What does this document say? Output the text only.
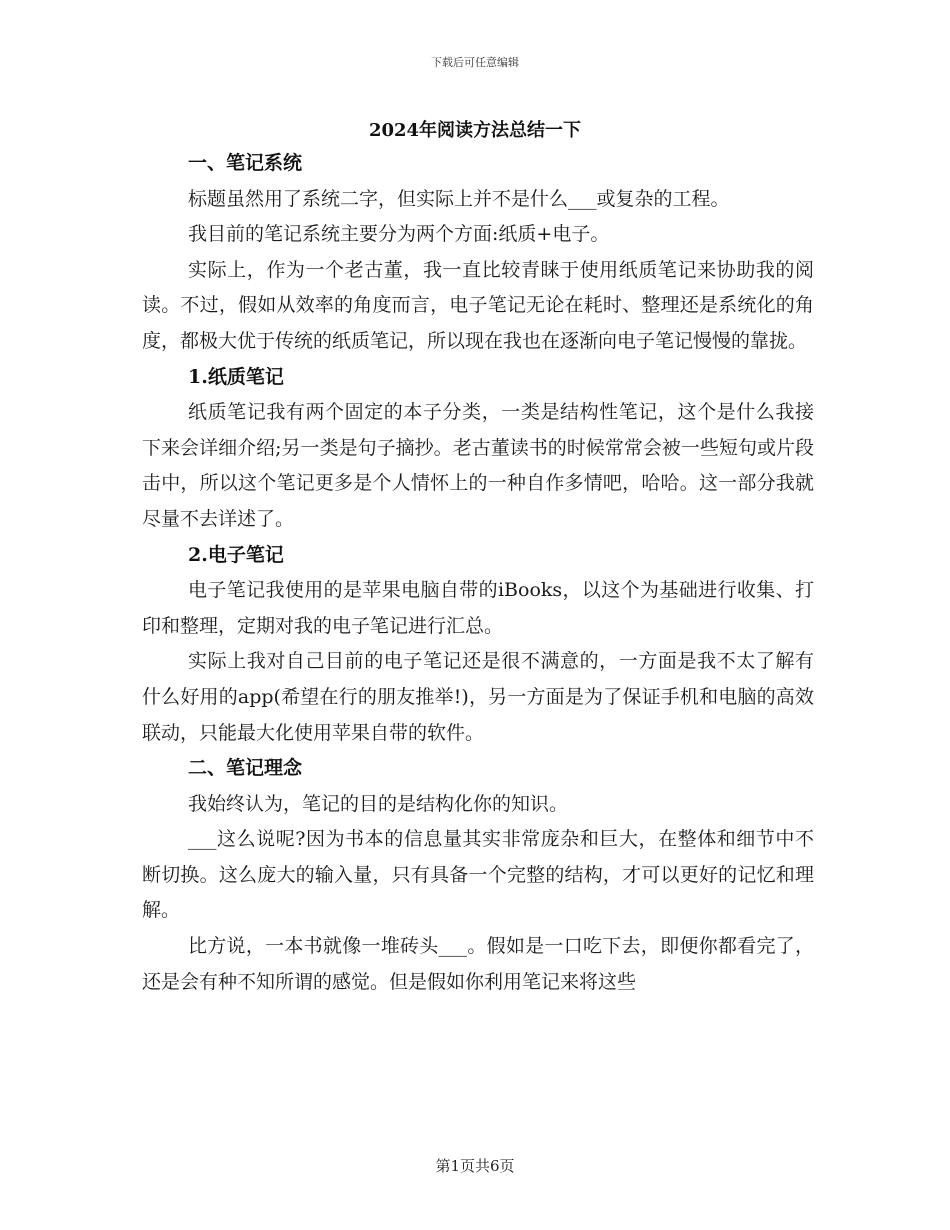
下载后可任意编辑
2024年阅读方法总结一下

一、笔记系统

标题虽然用了系统二字，但实际上并不是什么___或复杂的工程。

我目前的笔记系统主要分为两个方面:纸质+电子。

实际上，作为一个老古董，我一直比较青睐于使用纸质笔记来协助我的阅读。不过，假如从效率的角度而言，电子笔记无论在耗时、整理还是系统化的角度，都极大优于传统的纸质笔记，所以现在我也在逐渐向电子笔记慢慢的靠拢。

1.纸质笔记

纸质笔记我有两个固定的本子分类，一类是结构性笔记，这个是什么我接下来会详细介绍;另一类是句子摘抄。老古董读书的时候常常会被一些短句或片段击中，所以这个笔记更多是个人情怀上的一种自作多情吧，哈哈。这一部分我就尽量不去详述了。

2.电子笔记

电子笔记我使用的是苹果电脑自带的iBooks，以这个为基础进行收集、打印和整理，定期对我的电子笔记进行汇总。

实际上我对自己目前的电子笔记还是很不满意的，一方面是我不太了解有什么好用的app(希望在行的朋友推举!)，另一方面是为了保证手机和电脑的高效联动，只能最大化使用苹果自带的软件。

二、笔记理念

我始终认为，笔记的目的是结构化你的知识。

___这么说呢?因为书本的信息量其实非常庞杂和巨大，在整体和细节中不断切换。这么庞大的输入量，只有具备一个完整的结构，才可以更好的记忆和理解。

比方说，一本书就像一堆砖头___。假如是一口吃下去，即便你都看完了，还是会有种不知所谓的感觉。但是假如你利用笔记来将这些

第1页共6页
